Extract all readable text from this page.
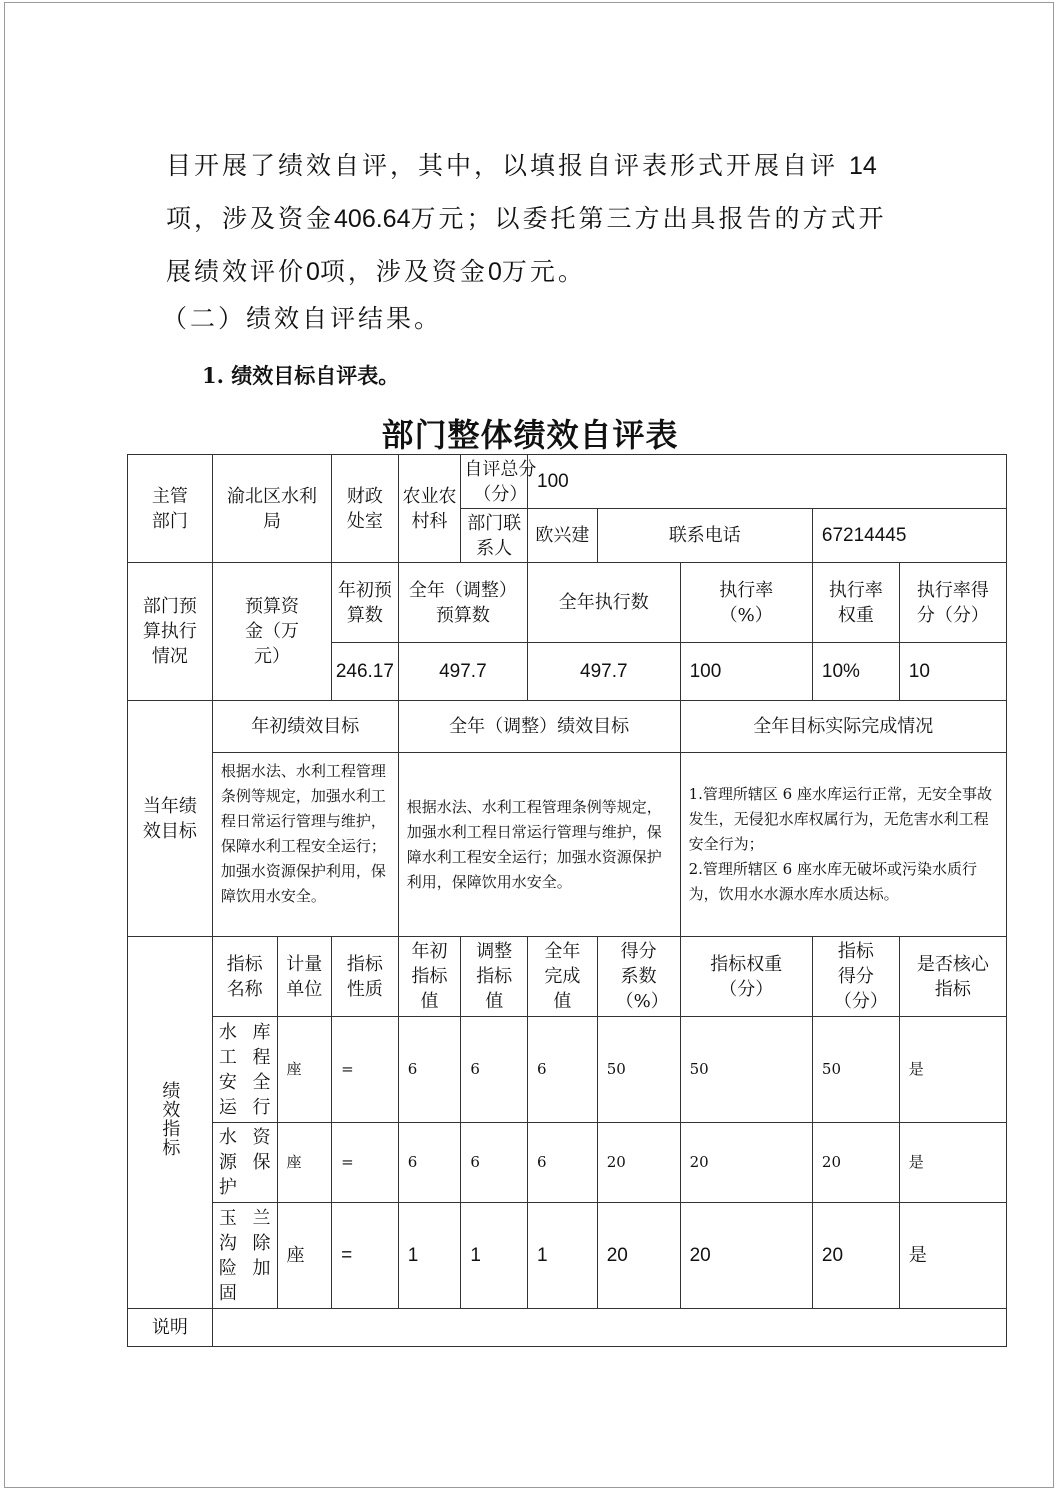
目开展了绩效自评，其中，以填报自评表形式开展自评 14
项，涉及资金406.64万元；以委托第三方出具报告的方式开
展绩效评价0项，涉及资金0万元。
（二）绩效自评结果。
1. 绩效目标自评表。
部门整体绩效自评表
主管部门	渝北区水利局		财政处室	农业农村科	自评总分（分）	100				

					部门联系人	欧兴建	联系电话		67214445	

部门预算执行情况	预算资金（万元）		年初预算数	全年（调整）预算数		全年执行数		执行率（%）	执行率权重	执行率得分（分）

			246.17	497.7		497.7		100	10%	10

当年绩效目标	年初绩效目标			全年（调整）绩效目标				全年目标实际完成情况		
	根据水法、水利工程管理条例等规定，加强水利工程日常运行管理与维护，保障水利工程安全运行；加强水资源保护利用，保障饮用水安全。			根据水法、水利工程管理条例等规定，加强水利工程日常运行管理与维护，保障水利工程安全运行；加强水资源保护利用，保障饮用水安全。				1.管理所辖区 6 座水库运行正常，无安全事故发生，无侵犯水库权属行为，无危害水利工程安全行为；
2.管理所辖区 6 座水库无破坏或污染水质行为，饮用水水源水库水质达标。		

绩效指标	指标名称	计量单位	指标性质	年初指标值	调整指标值	全年完成值	得分系数（%）	指标权重（分）	指标得分（分）	是否核心指标

	水库工程安全运行	座	=	6	6	6	50	50	50	是

	水资源保护	座	=	6	6	6	20	20	20	是

	玉兰沟除险加固	座	=	1	1	1	20	20	20	是
说明										
